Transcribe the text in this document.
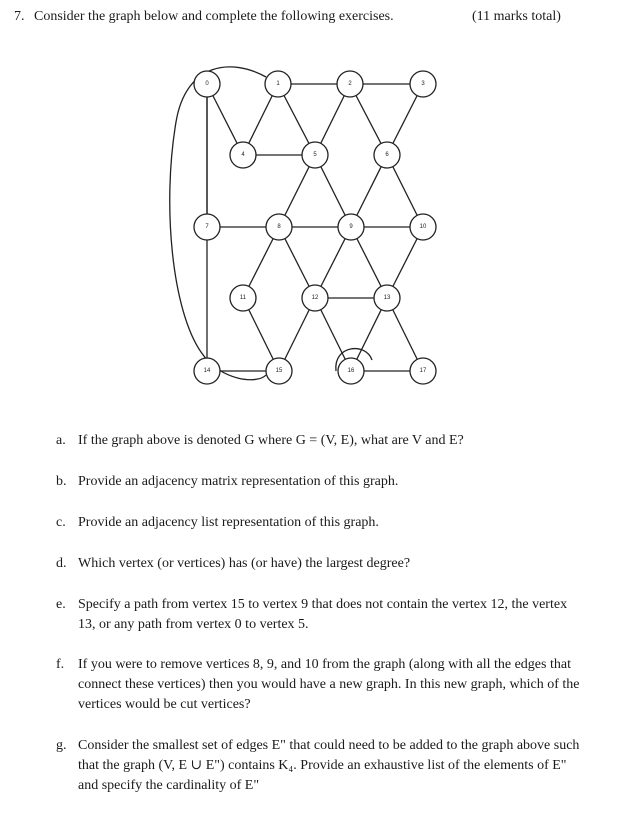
7. Consider the graph below and complete the following exercises.	(11 marks total)
0	1	2	3
4	5	6
7	8	9	10
11	12	13
14	15	16	17
a. If the graph above is denoted G where G = (V, E), what are V and E?
b. Provide an adjacency matrix representation of this graph.
c. Provide an adjacency list representation of this graph.
d. Which vertex (or vertices) has (or have) the largest degree?
e. Specify a path from vertex 15 to vertex 9 that does not contain the vertex 12, the vertex 13, or any path from vertex 0 to vertex 5.
f. If you were to remove vertices 8, 9, and 10 from the graph (along with all the edges that connect these vertices) then you would have a new graph. In this new graph, which of the vertices would be cut vertices?
g. Consider the smallest set of edges E" that could need to be added to the graph above such that the graph (V, E ∪ E") contains K₄. Provide an exhaustive list of the elements of E" and specify the cardinality of E"
